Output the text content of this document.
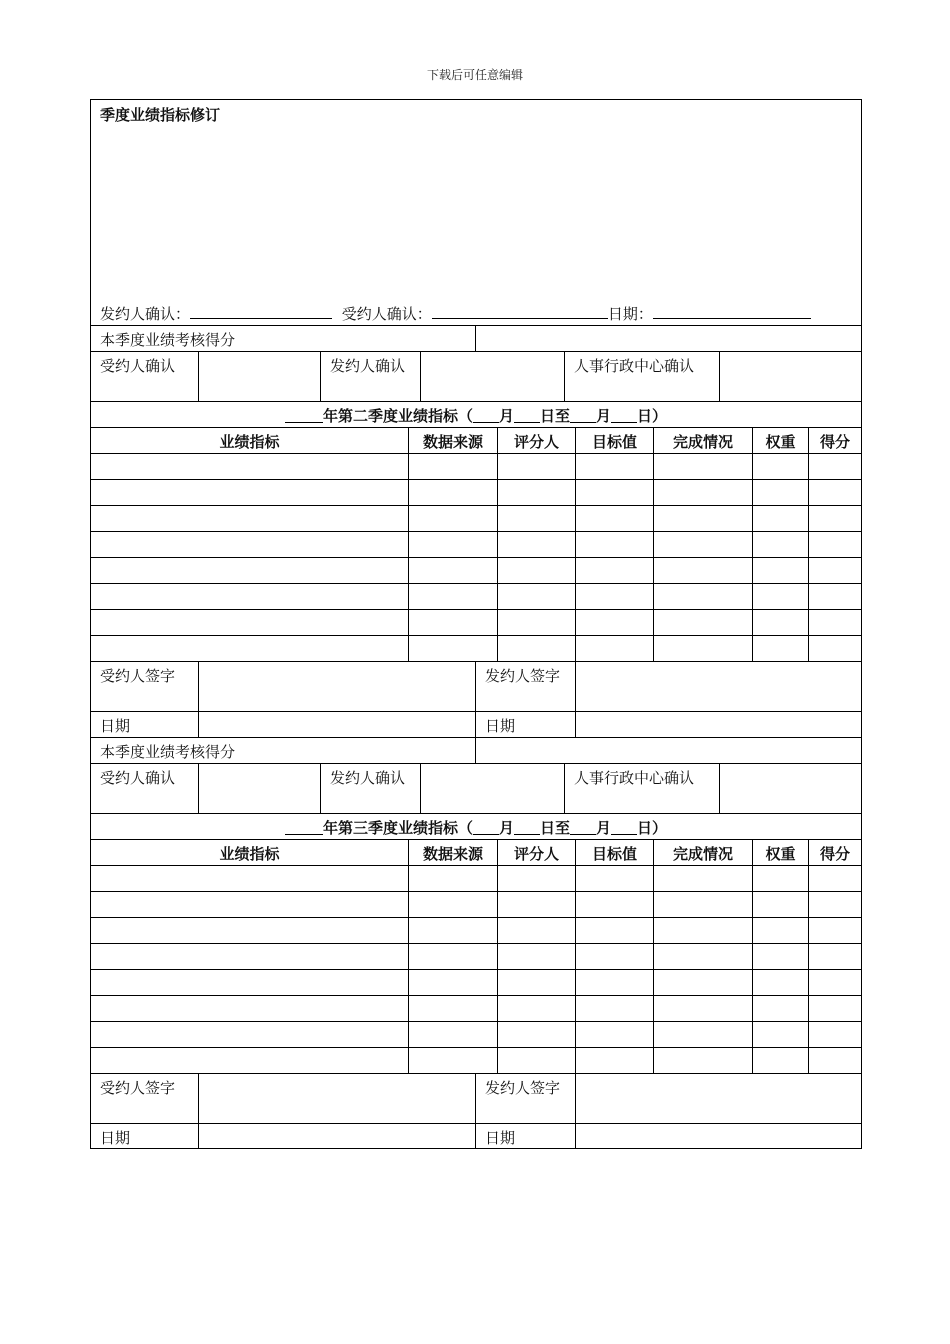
下载后可任意编辑
季度业绩指标修订
发约人确认：	受约人确认：	日期：
本季度业绩考核得分
受约人确认	发约人确认	人事行政中心确认
年第二季度业绩指标（ 月 日至 月 日）
业绩指标	数据来源	评分人	目标值	完成情况	权重	得分
受约人签字	发约人签字
日期	日期
本季度业绩考核得分
受约人确认	发约人确认	人事行政中心确认
年第三季度业绩指标（ 月 日至 月 日）
业绩指标	数据来源	评分人	目标值	完成情况	权重	得分
受约人签字	发约人签字
日期	日期
